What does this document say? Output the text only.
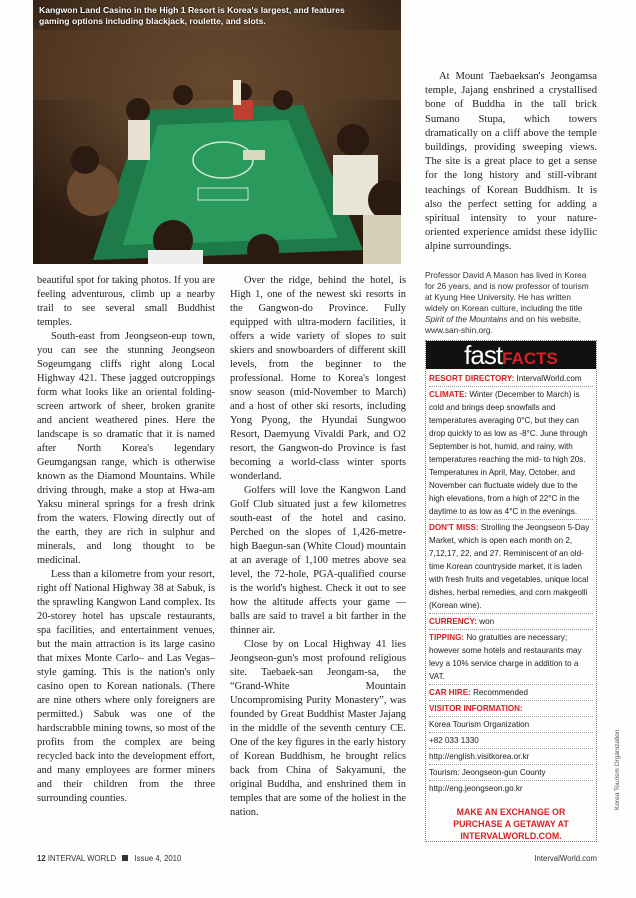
Kangwon Land Casino in the High 1 Resort is Korea's largest, and features gaming options including blackjack, roulette, and slots.

beautiful spot for taking photos. If you are feeling adventurous, climb up a nearby trail to see several small Buddhist temples.

South-east from Jeongseon-eup town, you can see the stunning Jeongseon Sogeumgang cliffs right along Local Highway 421. These jagged outcroppings form what looks like an oriental folding-screen artwork of sheer, broken granite and ancient weathered pines. Here the landscape is so dramatic that it is named after North Korea's legendary Geumgangsan range, which is otherwise known as the Diamond Mountains. While driving through, make a stop at Hwa-am Yaksu mineral springs for a fresh drink from the waters. Flowing directly out of the earth, they are rich in sulphur and minerals, and long thought to be medicinal.

Less than a kilometre from your resort, right off National Highway 38 at Sabuk, is the sprawling Kangwon Land complex. Its 20-storey hotel has upscale restaurants, spa facilities, and entertainment venues, but the main attraction is its large casino that mixes Monte Carlo– and Las Vegas–style gaming. This is the nation's only casino open to Korean nationals. (There are nine others where only foreigners are permitted.) Sabuk was one of the hardscrabble mining towns, so most of the profits from the complex are being recycled back into the development effort, and many employees are former miners and their children from the three surrounding counties.

Over the ridge, behind the hotel, is High 1, one of the newest ski resorts in the Gangwon-do Province. Fully equipped with ultra-modern facilities, it offers a wide variety of slopes to suit skiers and snowboarders of different skill levels, from the beginner to the professional. Home to Korea's longest snow season (mid-November to March) and a host of other ski resorts, including Yong Pyong, the Hyundai Sungwoo Resort, Daemyung Vivaldi Park, and O2 resort, the Gangwon-do Province is fast becoming a world-class winter sports wonderland.

Golfers will love the Kangwon Land Golf Club situated just a few kilometres south-east of the hotel and casino. Perched on the slopes of 1,426-metre-high Baegun-san (White Cloud) mountain at an average of 1,100 metres above sea level, the 72-hole, PGA-qualified course is the world's highest. Check it out to see how the altitude affects your game — balls are said to travel a bit farther in the thinner air.

Close by on Local Highway 41 lies Jeongseon-gun's most profound religious site. Taebaek-san Jeongam-sa, the “Grand-White Mountain Uncompromising Purity Monastery”, was founded by Great Buddhist Master Jajang in the middle of the seventh century CE. One of the key figures in the early history of Korean Buddhism, he brought relics back from China of Sakyamuni, the original Buddha, and enshrined them in temples that are some of the holiest in the nation.

At Mount Taebaeksan's Jeongamsa temple, Jajang enshrined a crystallised bone of Buddha in the tall brick Sumano Stupa, which towers dramatically on a cliff above the temple buildings, providing sweeping views. The site is a great place to get a sense for the long history and still-vibrant teachings of Korean Buddhism. It is also the perfect setting for adding a spiritual intensity to your nature-oriented experience amidst these idyllic alpine surroundings.

Professor David A Mason has lived in Korea for 26 years, and is now professor of tourism at Kyung Hee University. He has written widely on Korean culture, including the title Spirit of the Mountains and on his website, www.san-shin.org.
fastFACTS
RESORT DIRECTORY: IntervalWorld.com
CLIMATE: Winter (December to March) is cold and brings deep snowfalls and temperatures averaging 0°C, but they can drop quickly to as low as -8°C. June through September is hot, humid, and rainy, with temperatures reaching the mid- to high 20s. Temperatures in April, May, October, and November can fluctuate widely due to the high elevations, from a high of 22°C in the daytime to as low as 4°C in the evenings.
DON'T MISS: Strolling the Jeongseon 5-Day Market, which is open each month on 2, 7,12,17, 22, and 27. Reminiscent of an old-time Korean countryside market, it is laden with fresh fruits and vegetables, unique local dishes, herbal remedies, and corn makgeolli (Korean wine).
CURRENCY: won
TIPPING: No gratuities are necessary; however some hotels and restaurants may levy a 10% service charge in addition to a VAT.
CAR HIRE: Recommended
VISITOR INFORMATION:
Korea Tourism Organization
+82 033 1330
http://english.visitkorea.or.kr
Tourism: Jeongseon-gun County
http://eng.jeongseon.go.kr
MAKE AN EXCHANGE OR
PURCHASE A GETAWAY AT
INTERVALWORLD.COM.
Korea Tourism Organization
12 INTERVAL WORLD Issue 4, 2010	IntervalWorld.com
